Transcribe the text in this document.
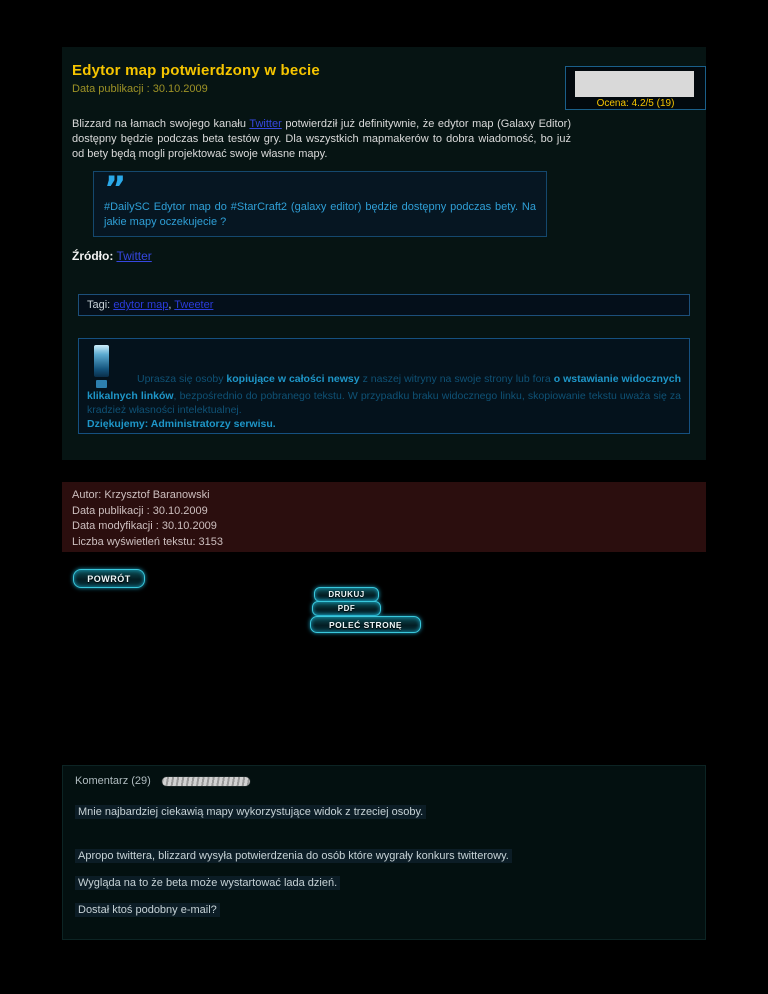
Edytor map potwierdzony w becie
Data publikacji : 30.10.2009
Ocena: 4.2/5 (19)

Blizzard na łamach swojego kanału Twitter potwierdził już definitywnie, że edytor map (Galaxy Editor) dostępny będzie podczas beta testów gry. Dla wszystkich mapmakerów to dobra wiadomość, bo już od bety będą mogli projektować swoje własne mapy.

”

#DailySC Edytor map do #StarCraft2 (galaxy editor) będzie dostępny podczas bety. Na jakie mapy oczekujecie ?

Źródło: Twitter
Tagi: edytor map, Tweeter

Uprasza się osoby kopiujące w całości newsy z naszej witryny na swoje strony lub fora o wstawianie widocznych klikalnych linków, bezpośrednio do pobranego tekstu. W przypadku braku widocznego linku, skopiowanie tekstu uważa się za kradzież własności intelektualnej.

Dziękujemy: Administratorzy serwisu.

Autor: Krzysztof Baranowski
Data publikacji : 30.10.2009
Data modyfikacji : 30.10.2009
Liczba wyświetleń tekstu: 3153
POWRÓT
DRUKUJ
PDF
POLEĆ STRONĘ
Komentarz (29)

Mnie najbardziej ciekawią mapy wykorzystujące widok z trzeciej osoby.

Apropo twittera, blizzard wysyła potwierdzenia do osób które wygrały konkurs twitterowy.

Wygląda na to że beta może wystartować lada dzień.

Dostał ktoś podobny e-mail?
